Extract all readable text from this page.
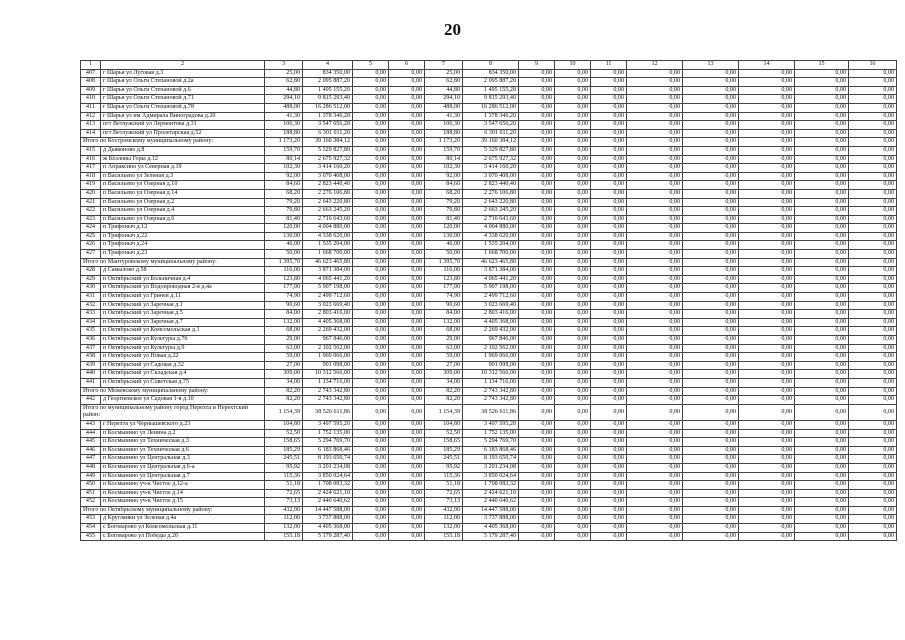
20
1	2	3	4	5	6	7	8	9	10	11	12	13	14	15	16
407	г Шарья ул Луговая д.3	25,00	834 350,00	0,00	0,00	25,00	834 350,00	0,00	0,00	0,00	0,00	0,00	0,00	0,00	0,00
408	г Шарья ул Ольги Степановой д.2а	62,80	2 095 887,20	0,00	0,00	62,80	2 095 887,20	0,00	0,00	0,00	0,00	0,00	0,00	0,00	0,00
409	г Шарья ул Ольги Степановой д.6	44,80	1 495 155,20	0,00	0,00	44,80	1 495 155,20	0,00	0,00	0,00	0,00	0,00	0,00	0,00	0,00
410	г Шарья ул Ольги Степановой д.71	294,10	9 815 293,40	0,00	0,00	294,10	9 815 293,40	0,00	0,00	0,00	0,00	0,00	0,00	0,00	0,00
411	г Шарья ул Ольги Степановой д.78	488,00	16 286 512,00	0,00	0,00	488,00	16 286 512,00	0,00	0,00	0,00	0,00	0,00	0,00	0,00	0,00
412	г Шарья ул им Адмирала Виноградова д.20	41,30	1 378 346,20	0,00	0,00	41,30	1 378 346,20	0,00	0,00	0,00	0,00	0,00	0,00	0,00	0,00
413	пгт Ветлужский ул Лермонтова д.31	106,30	3 547 656,20	0,00	0,00	106,30	3 547 656,20	0,00	0,00	0,00	0,00	0,00	0,00	0,00	0,00
414	пгт Ветлужский ул Пролетарская д.52	188,80	6 301 011,20	0,00	0,00	188,80	6 301 011,20	0,00	0,00	0,00	0,00	0,00	0,00	0,00	0,00
Итого по Костромскому муниципальному району:		1 173,20	39 160 384,12	0,00	0,00	1 173,20	39 160 384,12	0,00	0,00	0,00	0,00	0,00	0,00	0,00	0,00
415	д Дьяконово д.8	159,70	5 329 827,80	0,00	0,00	159,70	5 329 827,80	0,00	0,00	0,00	0,00	0,00	0,00	0,00	0,00
416	ж Козловы Горы д.12	80,14	2 675 927,32	0,00	0,00	80,14	2 675 927,32	0,00	0,00	0,00	0,00	0,00	0,00	0,00	0,00
417	п Апраксино ул Северная д.19	102,30	3 414 160,20	0,00	0,00	102,30	3 414 160,20	0,00	0,00	0,00	0,00	0,00	0,00	0,00	0,00
418	п Васильево ул Зеленая д.3	92,00	3 070 408,00	0,00	0,00	92,00	3 070 408,00	0,00	0,00	0,00	0,00	0,00	0,00	0,00	0,00
419	п Васильево ул Озерная д.10	84,60	2 823 440,40	0,00	0,00	84,60	2 823 440,40	0,00	0,00	0,00	0,00	0,00	0,00	0,00	0,00
420	п Васильево ул Озерная д.14	68,20	2 276 106,80	0,00	0,00	68,20	2 276 106,80	0,00	0,00	0,00	0,00	0,00	0,00	0,00	0,00
421	п Васильево ул Озерная д.2	79,20	2 643 220,80	0,00	0,00	79,20	2 643 220,80	0,00	0,00	0,00	0,00	0,00	0,00	0,00	0,00
422	п Васильево ул Озерная д.4	79,80	2 663 245,20	0,00	0,00	79,80	2 663 245,20	0,00	0,00	0,00	0,00	0,00	0,00	0,00	0,00
423	п Васильево ул Озерная д.6	81,40	2 716 643,60	0,00	0,00	81,40	2 716 643,60	0,00	0,00	0,00	0,00	0,00	0,00	0,00	0,00
424	п Трифоныч д.12	120,00	4 004 880,00	0,00	0,00	120,00	4 004 880,00	0,00	0,00	0,00	0,00	0,00	0,00	0,00	0,00
425	п Трифоныч д.22	130,00	4 338 620,00	0,00	0,00	130,00	4 338 620,00	0,00	0,00	0,00	0,00	0,00	0,00	0,00	0,00
426	п Трифоныч д.24	46,00	1 535 204,00	0,00	0,00	46,00	1 535 204,00	0,00	0,00	0,00	0,00	0,00	0,00	0,00	0,00
427	п Трифоныч д.23	50,00	1 668 700,00	0,00	0,00	50,00	1 668 700,00	0,00	0,00	0,00	0,00	0,00	0,00	0,00	0,00
Итого по Мантуровскому муниципальному району:		1 395,70	46 623 465,80	0,00	0,00	1 395,70	46 623 465,80	0,00	0,00	0,00	0,00	0,00	0,00	0,00	0,00
428	д Самылово д.58	116,00	3 871 384,00	0,00	0,00	116,00	3 871 384,00	0,00	0,00	0,00	0,00	0,00	0,00	0,00	0,00
429	п Октябрьский ул Больничная д.4	123,80	4 065 441,20	0,00	0,00	123,80	4 065 441,20	0,00	0,00	0,00	0,00	0,00	0,00	0,00	0,00
430	п Октябрьский ул Водопроводная 2-я д.4а	177,00	5 907 198,00	0,00	0,00	177,00	5 907 198,00	0,00	0,00	0,00	0,00	0,00	0,00	0,00	0,00
431	п Октябрьский ул Гринев д.11	74,90	2 499 712,60	0,00	0,00	74,90	2 499 712,60	0,00	0,00	0,00	0,00	0,00	0,00	0,00	0,00
432	п Октябрьский ул Заречная д.1	90,60	3 023 669,40	0,00	0,00	90,60	3 023 669,40	0,00	0,00	0,00	0,00	0,00	0,00	0,00	0,00
433	п Октябрьский ул Заречная д.5	84,00	2 803 416,00	0,00	0,00	84,00	2 803 416,00	0,00	0,00	0,00	0,00	0,00	0,00	0,00	0,00
434	п Октябрьский ул Заречная д.7	132,00	4 405 368,00	0,00	0,00	132,00	4 405 368,00	0,00	0,00	0,00	0,00	0,00	0,00	0,00	0,00
435	п Октябрьский ул Комсомольская д.1	68,00	2 269 432,00	0,00	0,00	68,00	2 269 432,00	0,00	0,00	0,00	0,00	0,00	0,00	0,00	0,00
436	п Октябрьский ул Культуры д.7б	29,00	967 846,00	0,00	0,00	29,00	967 846,00	0,00	0,00	0,00	0,00	0,00	0,00	0,00	0,00
437	п Октябрьский ул Культуры д.9	63,00	2 102 562,00	0,00	0,00	63,00	2 102 562,00	0,00	0,00	0,00	0,00	0,00	0,00	0,00	0,00
438	п Октябрьский ул Новая д.22	59,00	1 969 066,00	0,00	0,00	59,00	1 969 066,00	0,00	0,00	0,00	0,00	0,00	0,00	0,00	0,00
439	п Октябрьский ул Садовая д.32	27,00	901 098,00	0,00	0,00	27,00	901 098,00	0,00	0,00	0,00	0,00	0,00	0,00	0,00	0,00
440	п Октябрьский ул Складская д.4	309,00	10 312 566,00	0,00	0,00	309,00	10 312 566,00	0,00	0,00	0,00	0,00	0,00	0,00	0,00	0,00
441	п Октябрьский ул Советская д.75	34,00	1 134 716,00	0,00	0,00	34,00	1 134 716,00	0,00	0,00	0,00	0,00	0,00	0,00	0,00	0,00
Итого по Межевскому муниципальному району:		82,20	2 743 342,80	0,00	0,00	82,20	2 743 342,80	0,00	0,00	0,00	0,00	0,00	0,00	0,00	0,00
442	д Георгиевское ул Садовая 1-я д.10	82,20	2 743 342,80	0,00	0,00	82,20	2 743 342,80	0,00	0,00	0,00	0,00	0,00	0,00	0,00	0,00
Итого по муниципальному району город Нерехта и Нерехтский район:		1 154,39	38 526 611,86	0,00	0,00	1 154,39	38 526 611,86	0,00	0,00	0,00	0,00	0,00	0,00	0,00	0,00
443	г Нерехта ул Чернышевского д.23	104,80	3 497 595,20	0,00	0,00	104,80	3 497 595,20	0,00	0,00	0,00	0,00	0,00	0,00	0,00	0,00
444	п Космынино ул Ленина д.2	52,50	1 752 135,00	0,00	0,00	52,50	1 752 135,00	0,00	0,00	0,00	0,00	0,00	0,00	0,00	0,00
445	п Космынино ул Техническая д.3	158,65	5 294 769,70	0,00	0,00	158,65	5 294 769,70	0,00	0,00	0,00	0,00	0,00	0,00	0,00	0,00
446	п Космынино ул Техническая д.6	185,29	6 183 868,46	0,00	0,00	185,29	6 183 868,46	0,00	0,00	0,00	0,00	0,00	0,00	0,00	0,00
447	п Космынино ул Центральная д.3	245,51	8 193 650,74	0,00	0,00	245,51	8 193 650,74	0,00	0,00	0,00	0,00	0,00	0,00	0,00	0,00
448	п Космынино ул Центральная д.6-а	95,92	3 201 234,08	0,00	0,00	95,92	3 201 234,08	0,00	0,00	0,00	0,00	0,00	0,00	0,00	0,00
449	п Космынино ул Центральная д.7	115,36	3 850 024,64	0,00	0,00	115,36	3 850 024,64	0,00	0,00	0,00	0,00	0,00	0,00	0,00	0,00
450	п Космынино уч-к Чистое д.12-а	51,18	1 708 083,32	0,00	0,00	51,18	1 708 083,32	0,00	0,00	0,00	0,00	0,00	0,00	0,00	0,00
451	п Космынино уч-к Чистое д.14	72,65	2 424 621,10	0,00	0,00	72,65	2 424 621,10	0,00	0,00	0,00	0,00	0,00	0,00	0,00	0,00
452	п Космынино уч-к Чистое д.15	73,13	2 440 640,62	0,00	0,00	73,13	2 440 640,62	0,00	0,00	0,00	0,00	0,00	0,00	0,00	0,00
Итого по Октябрьскому муниципальному району:		432,90	14 447 588,00	0,00	0,00	432,90	14 447 588,00	0,00	0,00	0,00	0,00	0,00	0,00	0,00	0,00
453	д Кругляики ул Зеленая д.4а	112,00	3 737 888,00	0,00	0,00	112,00	3 737 888,00	0,00	0,00	0,00	0,00	0,00	0,00	0,00	0,00
454	с Боговарово ул Комсомольская д.11	132,00	4 405 368,00	0,00	0,00	132,00	4 405 368,00	0,00	0,00	0,00	0,00	0,00	0,00	0,00	0,00
455	с Боговарово ул Победы д.26	155,18	5 179 287,40	0,00	0,00	155,18	5 179 287,40	0,00	0,00	0,00	0,00	0,00	0,00	0,00	0,00
